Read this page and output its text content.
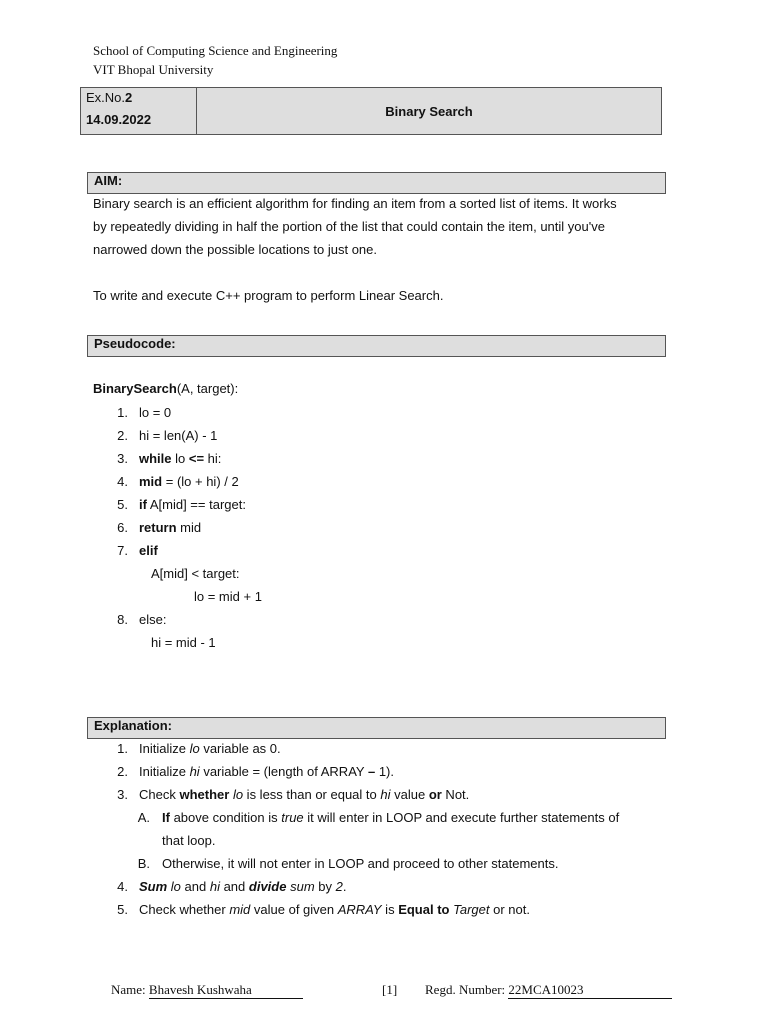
School of Computing Science and Engineering
VIT Bhopal University
Ex.No.2
14.09.2022
Binary Search
AIM:
Binary search is an efficient algorithm for finding an item from a sorted list of items. It works
by repeatedly dividing in half the portion of the list that could contain the item, until you've
narrowed down the possible locations to just one.
To write and execute C++ program to perform Linear Search.
Pseudocode:
BinarySearch(A, target):
1. lo = 0
2. hi = len(A) - 1
3. while lo <= hi:
4. mid = (lo + hi) / 2
5. if A[mid] == target:
6. return mid
7. elif
A[mid] < target:
lo = mid + 1
8. else:
hi = mid - 1
Explanation:
1. Initialize lo variable as 0.
2. Initialize hi variable = (length of ARRAY – 1).
3. Check whether lo is less than or equal to hi value or Not.
A. If above condition is true it will enter in LOOP and execute further statements of
that loop.
B. Otherwise, it will not enter in LOOP and proceed to other statements.
4. Sum lo and hi and divide sum by 2.
5. Check whether mid value of given ARRAY is Equal to Target or not.
Name: Bhavesh Kushwaha	[1] Regd. Number: 22MCA10023
